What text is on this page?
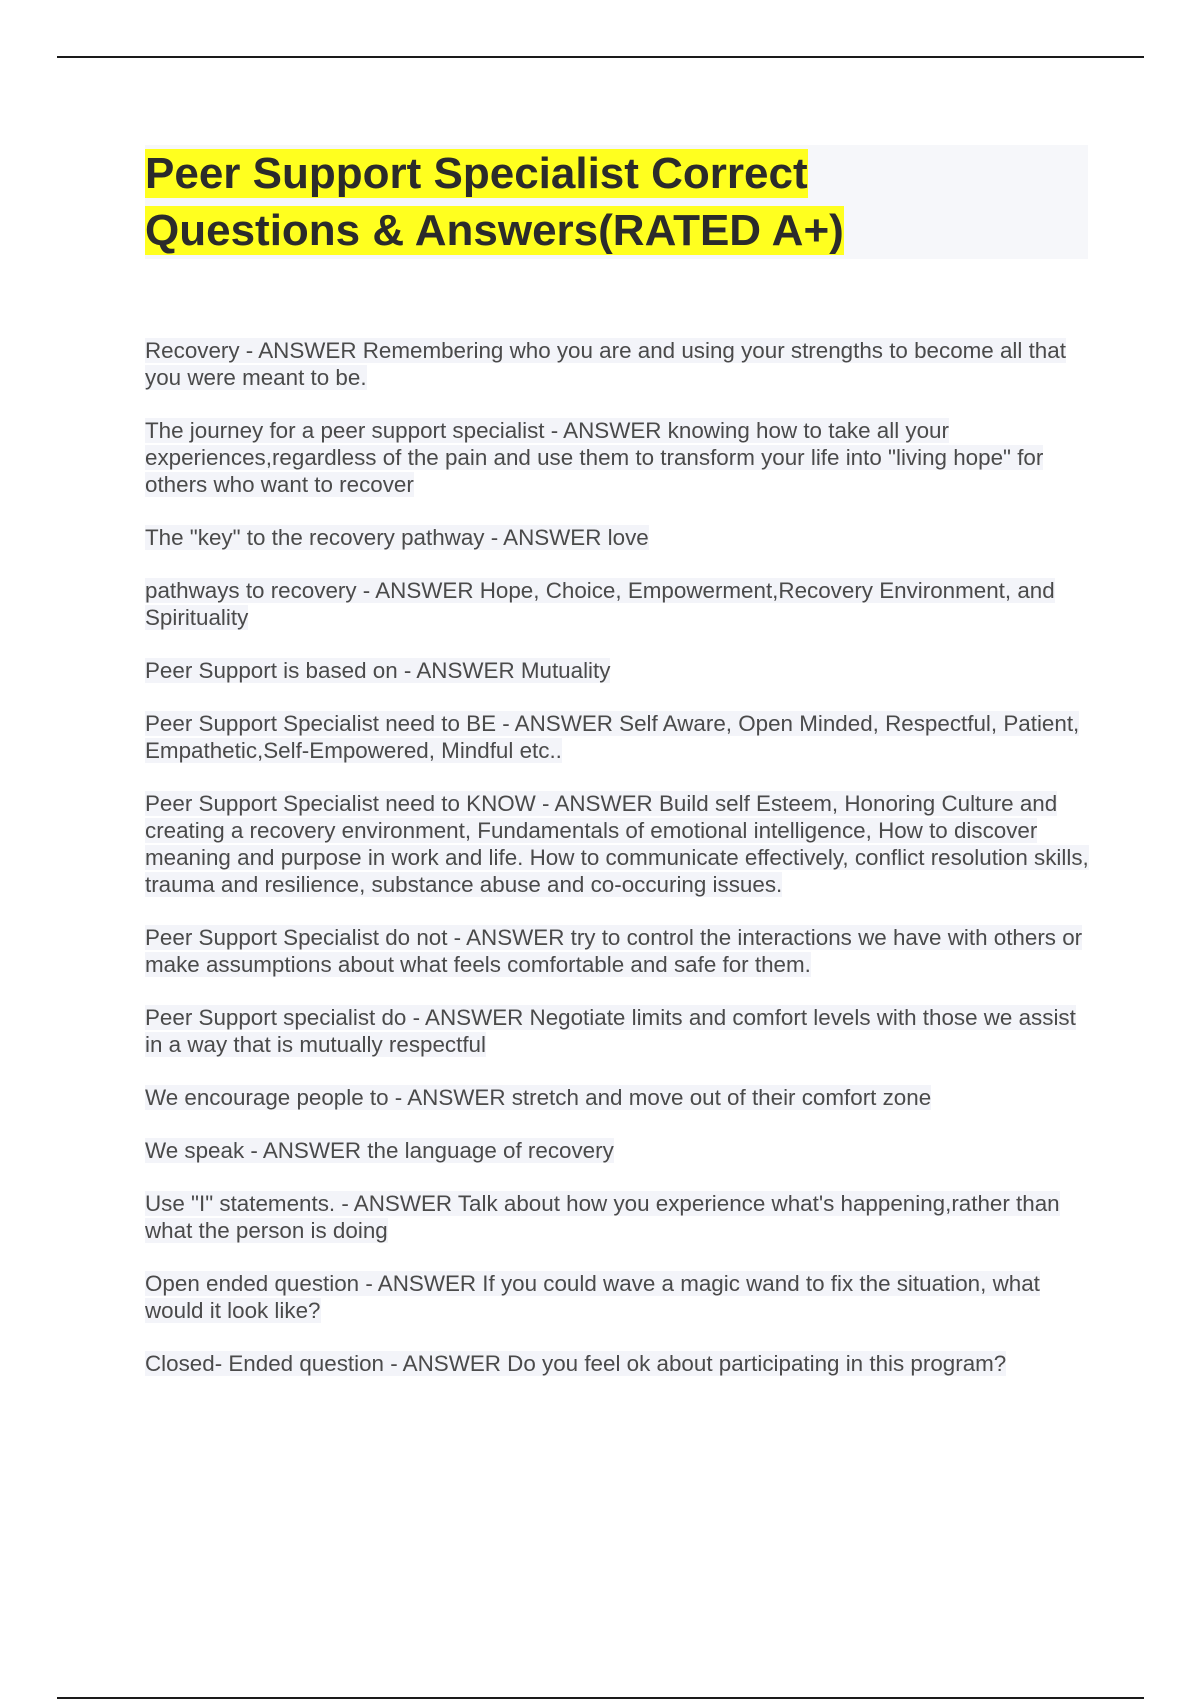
Peer Support Specialist Correct
Questions & Answers(RATED A+)
Recovery - ANSWER Remembering who you are and using your strengths to become all that you were meant to be.
The journey for a peer support specialist - ANSWER knowing how to take all your experiences,regardless of the pain and use them to transform your life into "living hope" for others who want to recover
The "key" to the recovery pathway - ANSWER love
pathways to recovery - ANSWER Hope, Choice, Empowerment,Recovery Environment, and Spirituality
Peer Support is based on - ANSWER Mutuality
Peer Support Specialist need to BE - ANSWER Self Aware, Open Minded, Respectful, Patient, Empathetic,Self-Empowered, Mindful etc..
Peer Support Specialist need to KNOW - ANSWER Build self Esteem, Honoring Culture and creating a recovery environment, Fundamentals of emotional intelligence, How to discover meaning and purpose in work and life. How to communicate effectively, conflict resolution skills, trauma and resilience, substance abuse and co-occuring issues.
Peer Support Specialist do not - ANSWER try to control the interactions we have with others or make assumptions about what feels comfortable and safe for them.
Peer Support specialist do - ANSWER Negotiate limits and comfort levels with those we assist in a way that is mutually respectful
We encourage people to - ANSWER stretch and move out of their comfort zone
We speak - ANSWER the language of recovery
Use "I" statements. - ANSWER Talk about how you experience what's happening,rather than what the person is doing
Open ended question - ANSWER If you could wave a magic wand to fix the situation, what would it look like?
Closed- Ended question - ANSWER Do you feel ok about participating in this program?
